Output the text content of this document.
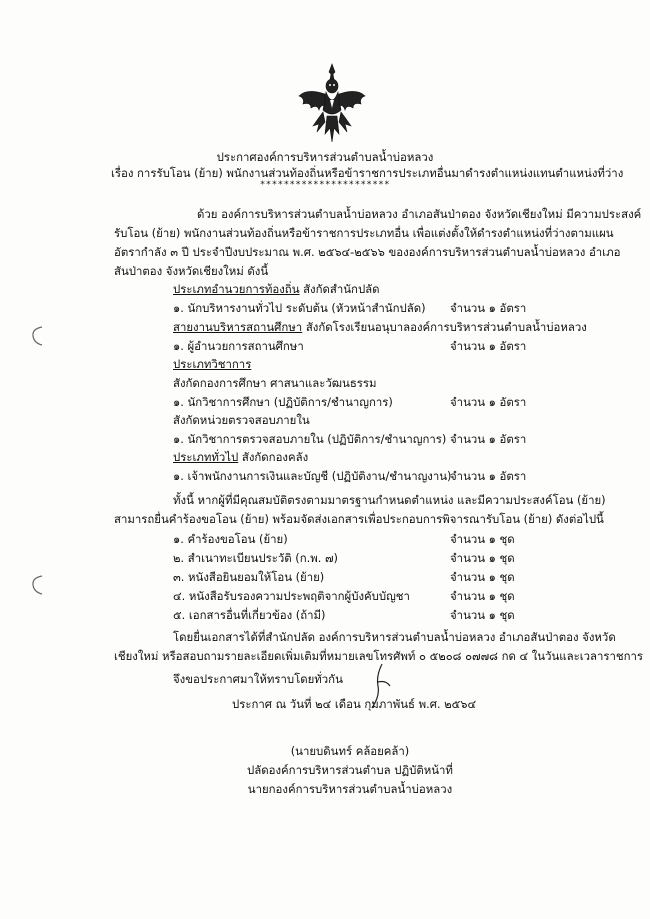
ประกาศองค์การบริหารส่วนตำบลน้ำบ่อหลวง
เรื่อง การรับโอน (ย้าย) พนักงานส่วนท้องถิ่นหรือข้าราชการประเภทอื่นมาดำรงตำแหน่งแทนตำแหน่งที่ว่าง
**********************
ด้วย องค์การบริหารส่วนตำบลน้ำบ่อหลวง อำเภอสันป่าตอง จังหวัดเชียงใหม่ มีความประสงค์
รับโอน (ย้าย) พนักงานส่วนท้องถิ่นหรือข้าราชการประเภทอื่น เพื่อแต่งตั้งให้ดำรงตำแหน่งที่ว่างตามแผน
อัตรากำลัง ๓ ปี ประจำปีงบประมาณ พ.ศ. ๒๕๖๔-๒๕๖๖ ขององค์การบริหารส่วนตำบลน้ำบ่อหลวง อำเภอ
สันป่าตอง จังหวัดเชียงใหม่ ดังนี้
ประเภทอำนวยการท้องถิ่น สังกัดสำนักปลัด
๑. นักบริหารงานทั่วไป ระดับต้น (หัวหน้าสำนักปลัด) จำนวน ๑ อัตรา
สายงานบริหารสถานศึกษา สังกัดโรงเรียนอนุบาลองค์การบริหารส่วนตำบลน้ำบ่อหลวง
๑. ผู้อำนวยการสถานศึกษา	จำนวน ๑ อัตรา
ประเภทวิชาการ
สังกัดกองการศึกษา ศาสนาและวัฒนธรรม
๑. นักวิชาการศึกษา (ปฏิบัติการ/ชำนาญการ)	จำนวน ๑ อัตรา
สังกัดหน่วยตรวจสอบภายใน
๑. นักวิชาการตรวจสอบภายใน (ปฏิบัติการ/ชำนาญการ) จำนวน ๑ อัตรา
ประเภททั่วไป สังกัดกองคลัง
๑. เจ้าพนักงานการเงินและบัญชี (ปฏิบัติงาน/ชำนาญงาน)
จำนวน ๑ อัตรา
ทั้งนี้ หากผู้ที่มีคุณสมบัติตรงตามมาตรฐานกำหนดตำแหน่ง และมีความประสงค์โอน (ย้าย)
สามารถยื่นคำร้องขอโอน (ย้าย) พร้อมจัดส่งเอกสารเพื่อประกอบการพิจารณารับโอน (ย้าย) ดังต่อไปนี้
๑. คำร้องขอโอน (ย้าย)	จำนวน ๑ ชุด
๒. สำเนาทะเบียนประวัติ (ก.พ. ๗)	จำนวน ๑ ชุด
๓. หนังสือยินยอมให้โอน (ย้าย)	จำนวน ๑ ชุด
๔. หนังสือรับรองความประพฤติจากผู้บังคับบัญชา	จำนวน ๑ ชุด
๕. เอกสารอื่นที่เกี่ยวข้อง (ถ้ามี)	จำนวน ๑ ชุด
โดยยื่นเอกสารได้ที่สำนักปลัด องค์การบริหารส่วนตำบลน้ำบ่อหลวง อำเภอสันป่าตอง จังหวัด
เชียงใหม่ หรือสอบถามรายละเอียดเพิ่มเติมที่หมายเลขโทรศัพท์ ๐ ๕๒๐๘ ๐๗๗๘ กด ๔ ในวันและเวลาราชการ
จึงขอประกาศมาให้ทราบโดยทั่วกัน
ประกาศ ณ วันที่ ๒๔ เดือน กุมภาพันธ์ พ.ศ. ๒๕๖๔
(นายบดินทร์ คล้อยคล้า)
ปลัดองค์การบริหารส่วนตำบล ปฏิบัติหน้าที่
นายกองค์การบริหารส่วนตำบลน้ำบ่อหลวง
